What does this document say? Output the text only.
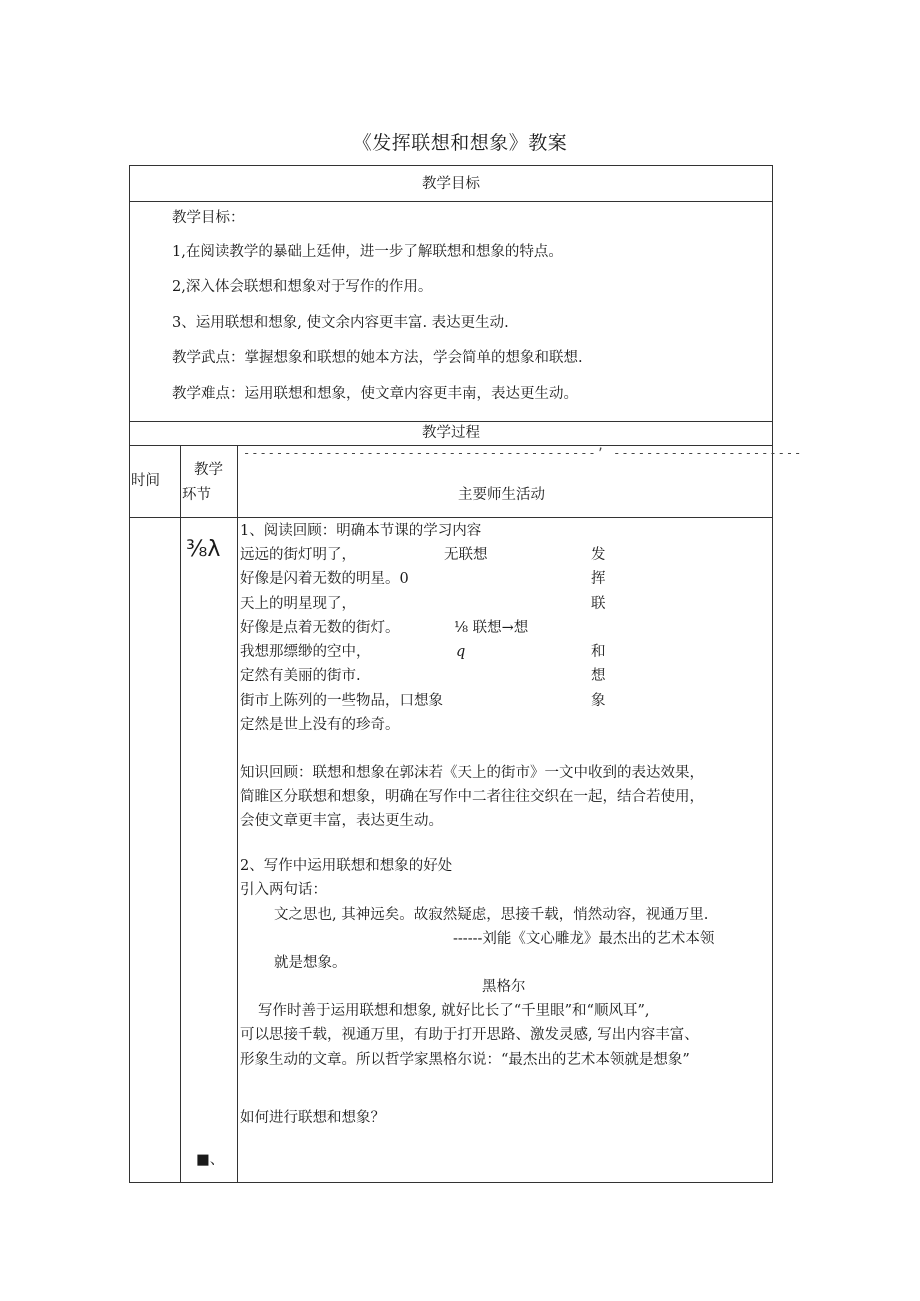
《发挥联想和想象》教案
教学目标
教学目标：
1,在阅读教学的暴础上廷伸，进一步了解联想和想象的特点。
2,深入体会联想和想象对于写作的作用。
3、运用联想和想象, 使文余内容更丰富. 表达更生动.
教学武点：掌握想象和联想的她本方法，学会简单的想象和联想.
教学难点：运用联想和想象，使文章内容更丰南，表达更生动。
教学过程
-------------------------------------------’ -----------------------
时间
教学
环节	主要师生活动
⅜λ
■、
1、阅读回顾：明确本节课的学习内容
远远的街灯明了，
好像是闪着无数的明星。0
天上的明星现了，
好像是点着无数的街灯。
我想那缥缈的空中，
定然有美丽的街市.
街市上陈列的一些物品，口想象
定然是世上没有的珍奇。
无联想
⅛ 联想→想
q
发
挥
联
和
想
象
知识回顾：联想和想象在郭沫若《天上的街市》一文中收到的表达效果，
简睢区分联想和想象，明确在写作中二者往往交织在一起，结合若使用，
会使文章更丰富，表达更生动。
2、写作中运用联想和想象的好处
引入两句话：
文之思也, 其神远矣。故寂然疑虑，思接千载，悄然动容，视通万里.
------刘能《文心雕龙》最杰出的艺术本领
就是想象。
黑格尔
写作时善于运用联想和想象, 就好比长了“千里眼”和“顺风耳”,
可以思接千载，视通万里，有助于打开思路、激发灵感, 写出内容丰富、
形象生动的文章。所以哲学家黑格尔说：“最杰出的艺术本领就是想象”
如何进行联想和想象？
